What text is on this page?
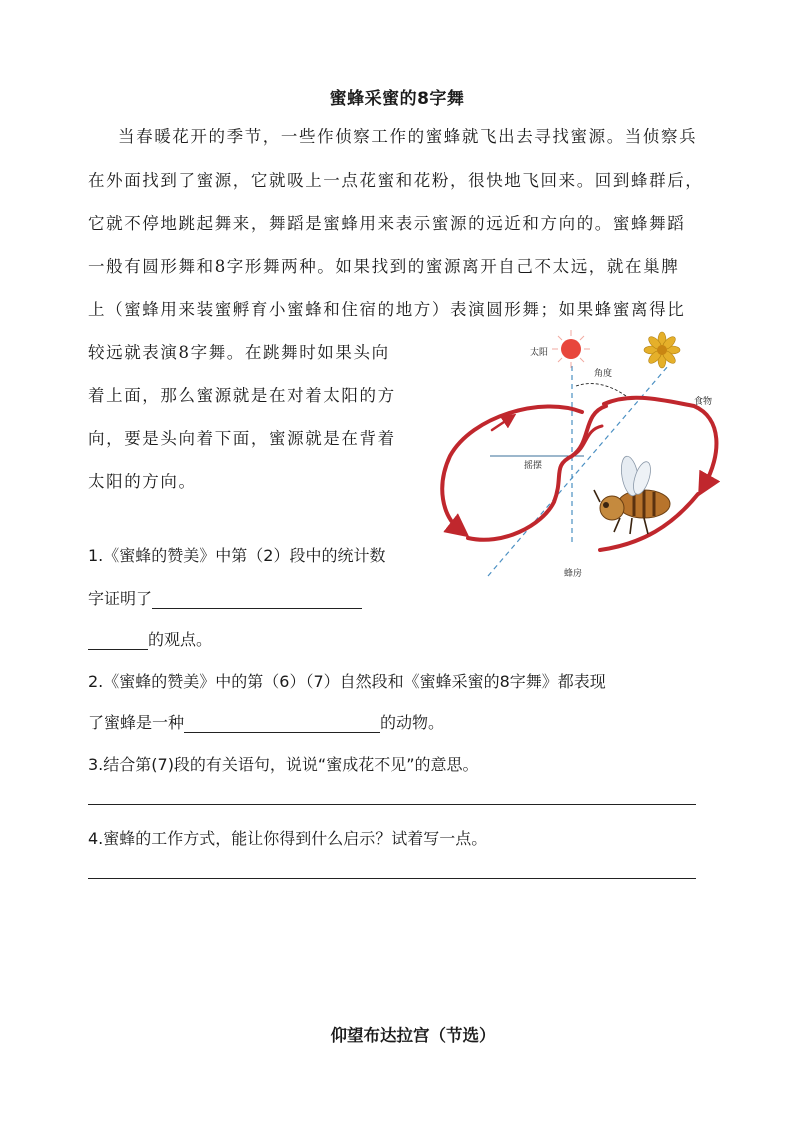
蜜蜂采蜜的8字舞
当春暖花开的季节，一些作侦察工作的蜜蜂就飞出去寻找蜜源。当侦察兵
在外面找到了蜜源，它就吸上一点花蜜和花粉，很快地飞回来。回到蜂群后，
它就不停地跳起舞来，舞蹈是蜜蜂用来表示蜜源的远近和方向的。蜜蜂舞蹈
一般有圆形舞和8字形舞两种。如果找到的蜜源离开自己不太远，就在巢脾
上（蜜蜂用来装蜜孵育小蜜蜂和住宿的地方）表演圆形舞；如果蜂蜜离得比
较远就表演8字舞。在跳舞时如果头向
着上面，那么蜜源就是在对着太阳的方
向，要是头向着下面，蜜源就是在背着
太阳的方向。
太阳
角度
食物
摇摆
蜂房
1.《蜜蜂的赞美》中第（2）段中的统计数
字证明了
的观点。
2.《蜜蜂的赞美》中的第（6）（7）自然段和《蜜蜂采蜜的8字舞》都表现
了蜜蜂是一种	的动物。
3.结合第(7)段的有关语句，说说“蜜成花不见”的意思。
4.蜜蜂的工作方式，能让你得到什么启示？试着写一点。
仰望布达拉宫（节选）
